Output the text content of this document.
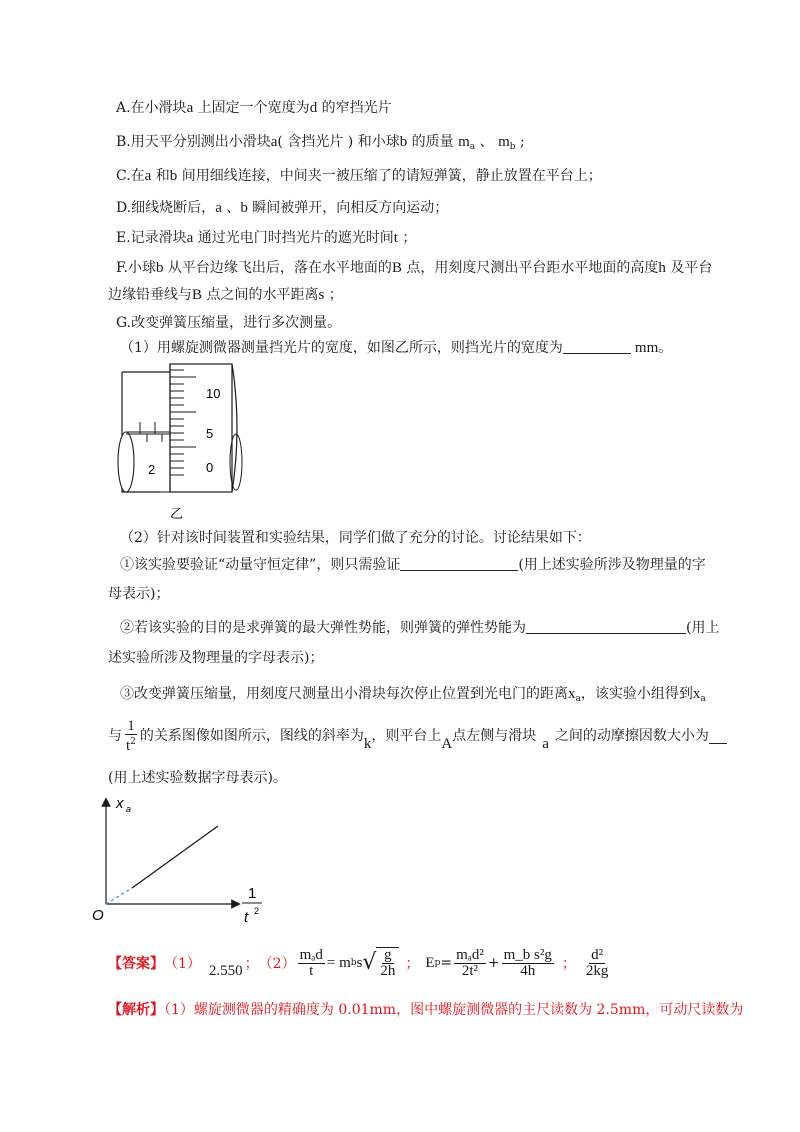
A.在小滑块a 上固定一个宽度为d 的窄挡光片
B.用天平分别测出小滑块a( 含挡光片 ) 和小球b 的质量 $m_a$ 、 $m_b$ ;
C.在a 和b 间用细线连接，中间夹一被压缩了的请短弹簧，静止放置在平台上；
D.细线烧断后，a 、b 瞬间被弹开，向相反方向运动；
E.记录滑块a 通过光电门时挡光片的遮光时间t ；
F.小球b 从平台边缘飞出后，落在水平地面的B 点，用刻度尺测出平台距水平地面的高度h 及平台
边缘铅垂线与B 点之间的水平距离s ；
G.改变弹簧压缩量，进行多次测量。
（1）用螺旋测微器测量挡光片的宽度，如图乙所示，则挡光片的宽度为	mm。
2
10
5
0
乙
（2）针对该时间装置和实验结果，同学们做了充分的讨论。讨论结果如下：
①该实验要验证“动量守恒定律”，则只需验证	(用上述实验所涉及物理量的字
母表示)；
②若该实验的目的是求弹簧的最大弹性势能，则弹簧的弹性势能为	(用上
述实验所涉及物理量的字母表示)；
③改变弹簧压缩量，用刻度尺测量出小滑块每次停止位置到光电门的距离$x_a$，该实验小组得到$x_a$
与 $\frac{1}{t^2}$ 的关系图像如图所示，图线的斜率为 k ，则平台上 A 点左侧与滑块 a 之间的动摩擦因数大小为
(用上述实验数据字母表示)。
x a
O
1
t 2
【答案】 （1） 2.550 ； $(2) \frac{\text{mₐd}}{t} = m$ b s √ $\frac{g}{2h}$ ； E $p = \frac{\text{mₐd²}}{\text{2t²}} + \frac{\text{m\_b s²g}}{4h}$ ； $\frac{\text{d²}}{2kg}$
【解析】（1）螺旋测微器的精确度为 0.01mm，图中螺旋测微器的主尺读数为 2.5mm，可动尺读数为
